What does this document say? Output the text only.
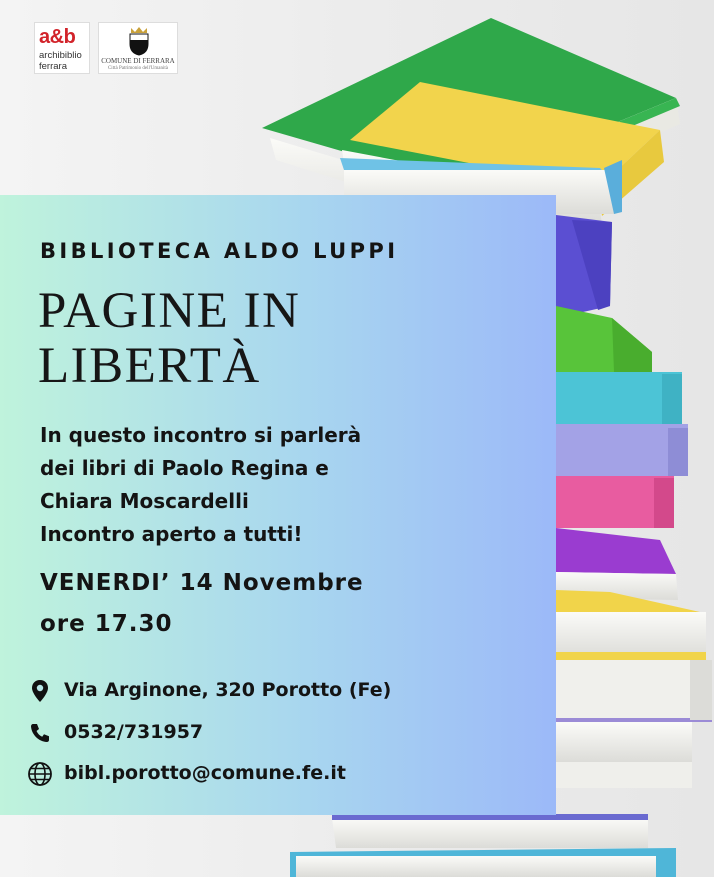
a&b
archibiblio
ferrara	COMUNE DI FERRARA
Città Patrimonio dell'Umanità
BIBLIOTECA ALDO LUPPI
PAGINE IN
LIBERTÀ
In questo incontro si parlerà
dei libri di Paolo Regina e
Chiara Moscardelli
Incontro aperto a tutti!
VENERDI’ 14 Novembre
ore 17.30
Via Arginone, 320 Porotto (Fe)
0532/731957
bibl.porotto@comune.fe.it
